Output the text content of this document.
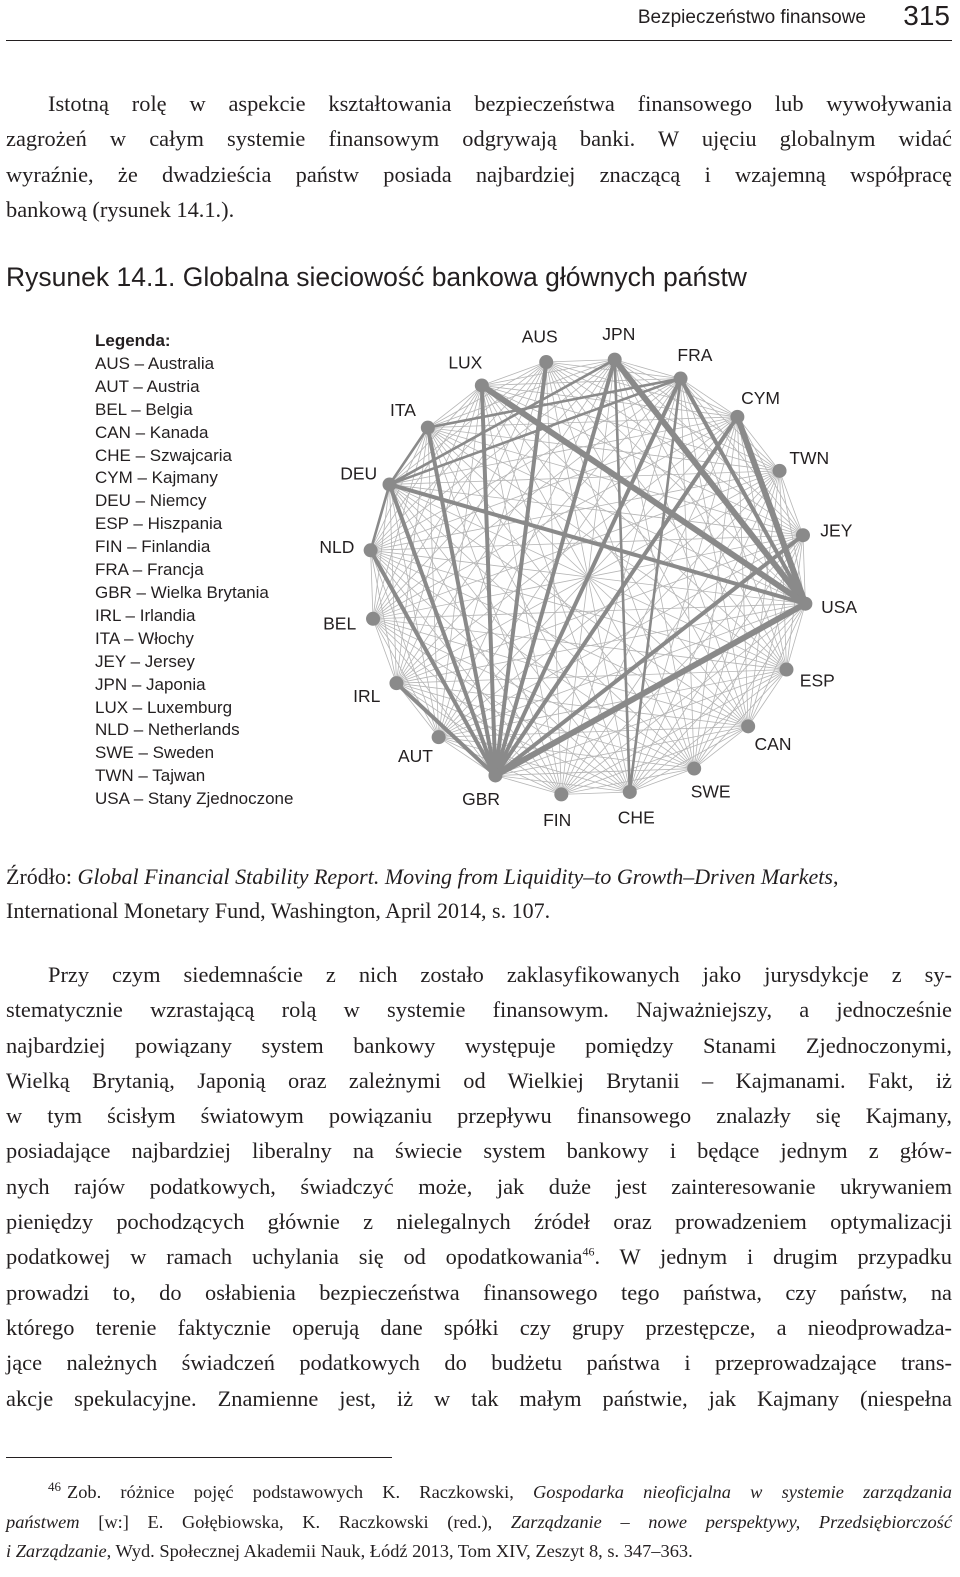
Bezpieczeństwo finansowe 315
Istotną rolę w aspekcie kształtowania bezpieczeństwa finansowego lub wywoływania
zagrożeń w całym systemie finansowym odgrywają banki. W ujęciu globalnym widać
wyraźnie, że dwadzieścia państw posiada najbardziej znaczącą i wzajemną współpracę
bankową (rysunek 14.1.).
Rysunek 14.1. Globalna sieciowość bankowa głównych państw
JPN
FRA
CYM
TWN
JEY
USA
ESP
CAN
SWE
CHE
FIN
GBR
AUT
IRL
BEL
NLD
DEU
ITA
LUX
AUS
Legenda:
AUS – Australia
AUT – Austria
BEL – Belgia
CAN – Kanada
CHE – Szwajcaria
CYM – Kajmany
DEU – Niemcy
ESP – Hiszpania
FIN – Finlandia
FRA – Francja
GBR – Wielka Brytania
IRL – Irlandia
ITA – Włochy
JEY – Jersey
JPN – Japonia
LUX – Luxemburg
NLD – Netherlands
SWE – Sweden
TWN – Tajwan
USA – Stany Zjednoczone

Źródło: Global Financial Stability Report. Moving from Liquidity–to Growth–Driven Markets,
International Monetary Fund, Washington, April 2014, s. 107.

Przy czym siedemnaście z nich zostało zaklasyfikowanych jako jurysdykcje z sy-
stematycznie wzrastającą rolą w systemie finansowym. Najważniejszy, a jednocześnie
najbardziej powiązany system bankowy występuje pomiędzy Stanami Zjednoczonymi,
Wielką Brytanią, Japonią oraz zależnymi od Wielkiej Brytanii – Kajmanami. Fakt, iż
w tym ścisłym światowym powiązaniu przepływu finansowego znalazły się Kajmany,
posiadające najbardziej liberalny na świecie system bankowy i będące jednym z głów-
nych rajów podatkowych, świadczyć może, jak duże jest zainteresowanie ukrywaniem
pieniędzy pochodzących głównie z nielegalnych źródeł oraz prowadzeniem optymalizacji
podatkowej w ramach uchylania się od opodatkowania$^{46}$. W jednym i drugim przypadku
prowadzi to, do osłabienia bezpieczeństwa finansowego tego państwa, czy państw, na
którego terenie faktycznie operują dane spółki czy grupy przestępcze, a nieodprowadza-
jące należnych świadczeń podatkowych do budżetu państwa i przeprowadzające trans-
akcje spekulacyjne. Znamienne jest, iż w tak małym państwie, jak Kajmany (niespełna
$^{46}$ Zob. różnice pojęć podstawowych K. Raczkowski, Gospodarka nieoficjalna w systemie zarządzania
państwem [w:] E. Gołębiowska, K. Raczkowski (red.), Zarządzanie – nowe perspektywy, Przedsiębiorczość
i Zarządzanie, Wyd. Społecznej Akademii Nauk, Łódź 2013, Tom XIV, Zeszyt 8, s. 347–363.
